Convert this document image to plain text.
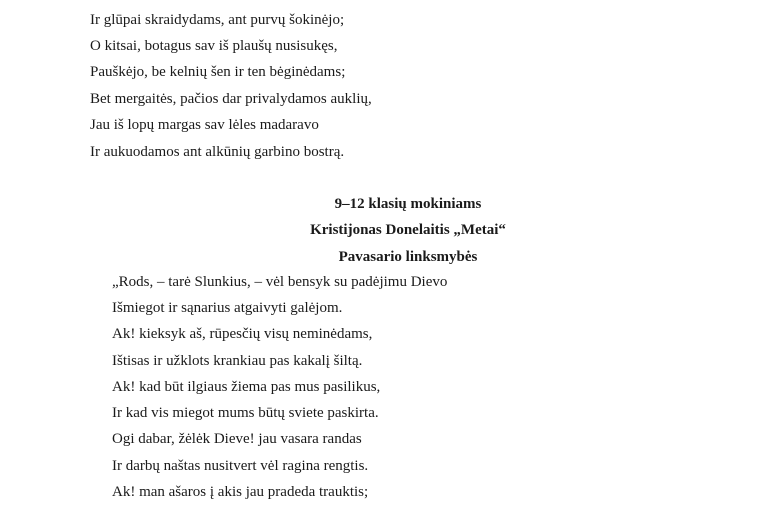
Ir glūpai skraidydams, ant purvų šokinėjo;
O kitsai, botagus sav iš plaušų nusisukęs,
Pauškėjo, be kelnių šen ir ten bėginėdams;
Bet mergaitės, pačios dar privalydamos auklių,
Jau iš lopų margas sav lėles madaravo
Ir aukuodamos ant alkūnių garbino bostrą.
9–12 klasių mokiniams
Kristijonas Donelaitis „Metai“
Pavasario linksmybės
„Rods, – tarė Slunkius, – vėl bensyk su padėjimu Dievo
Išmiegot ir sąnarius atgaivyti galėjom.
Ak! kieksyk aš, rūpesčių visų neminėdams,
Ištisas ir užklots krankiau pas kakalį šiltą.
Ak! kad būt ilgiaus žiema pas mus pasilikus,
Ir kad vis miegot mums būtų sviete paskirta.
Ogi dabar, žėlėk Dieve! jau vasara randas
Ir darbų naštas nusitvert vėl ragina rengtis.
Ak! man ašaros į akis jau pradeda trauktis;
